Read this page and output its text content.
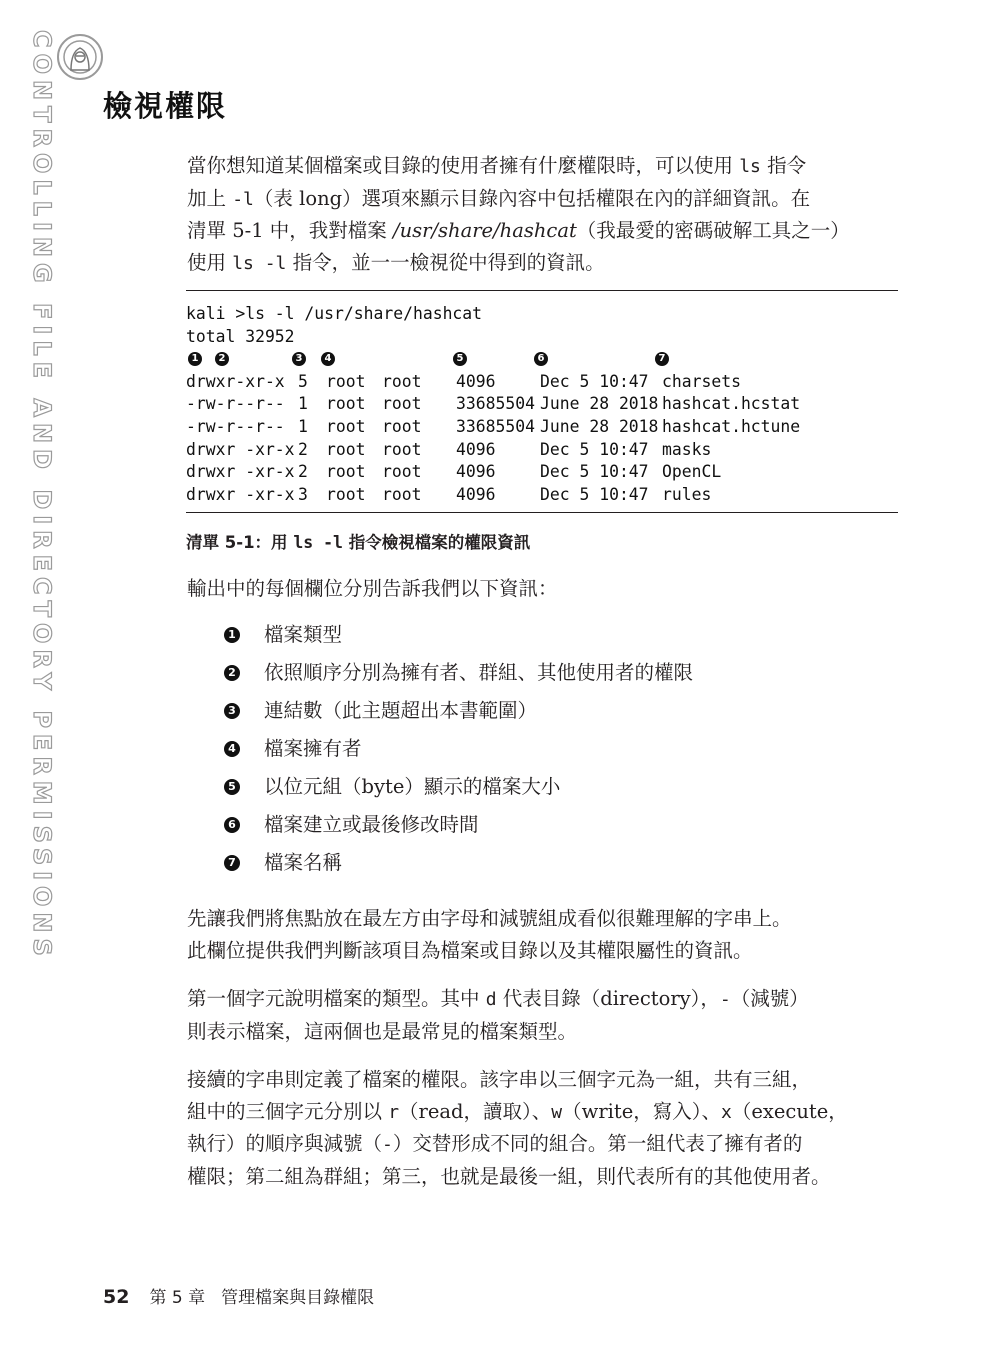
CONTROLLING FILE AND DIRECTORY PERMISSIONS 檢視權限

當你想知道某個檔案或目錄的使用者擁有什麼權限時，可以使用 ls 指令
加上 -l（表 long）選項來顯示目錄內容中包括權限在內的詳細資訊。在
清單 5-1 中，我對檔案 /usr/share/hashcat（我最愛的密碼破解工具之一）
使用 ls -l 指令，並一一檢視從中得到的資訊。

kali >ls -l /usr/share/hashcat
total 32952
1	2	3	4	5	6	7
drwxr-xr-x 5 root root 4096	Dec 5 10:47 charsets
-rw-r--r-- 1 root root 33685504 June 28 2018 hashcat.hcstat
-rw-r--r-- 1 root root 33685504 June 28 2018 hashcat.hctune
drwxr -xr-x 2 root root 4096	Dec 5 10:47 masks
drwxr -xr-x 2 root root 4096	Dec 5 10:47 OpenCL
drwxr -xr-x 3 root root 4096	Dec 5 10:47 rules

清單 5-1：用 ls -l 指令檢視檔案的權限資訊

輸出中的每個欄位分別告訴我們以下資訊：

1 檔案類型
2 依照順序分別為擁有者、群組、其他使用者的權限
3 連結數（此主題超出本書範圍）
4 檔案擁有者
5 以位元組（byte）顯示的檔案大小
6 檔案建立或最後修改時間
7 檔案名稱

先讓我們將焦點放在最左方由字母和減號組成看似很難理解的字串上。
此欄位提供我們判斷該項目為檔案或目錄以及其權限屬性的資訊。

第一個字元說明檔案的類型。其中 d 代表目錄（directory），-（減號）
則表示檔案，這兩個也是最常見的檔案類型。

接續的字串則定義了檔案的權限。該字串以三個字元為一組，共有三組，
組中的三個字元分別以 r（read，讀取）、w（write，寫入）、x（execute，
執行）的順序與減號（-）交替形成不同的組合。第一組代表了擁有者的
權限；第二組為群組；第三，也就是最後一組，則代表所有的其他使用者。

52 第 5 章 管理檔案與目錄權限
